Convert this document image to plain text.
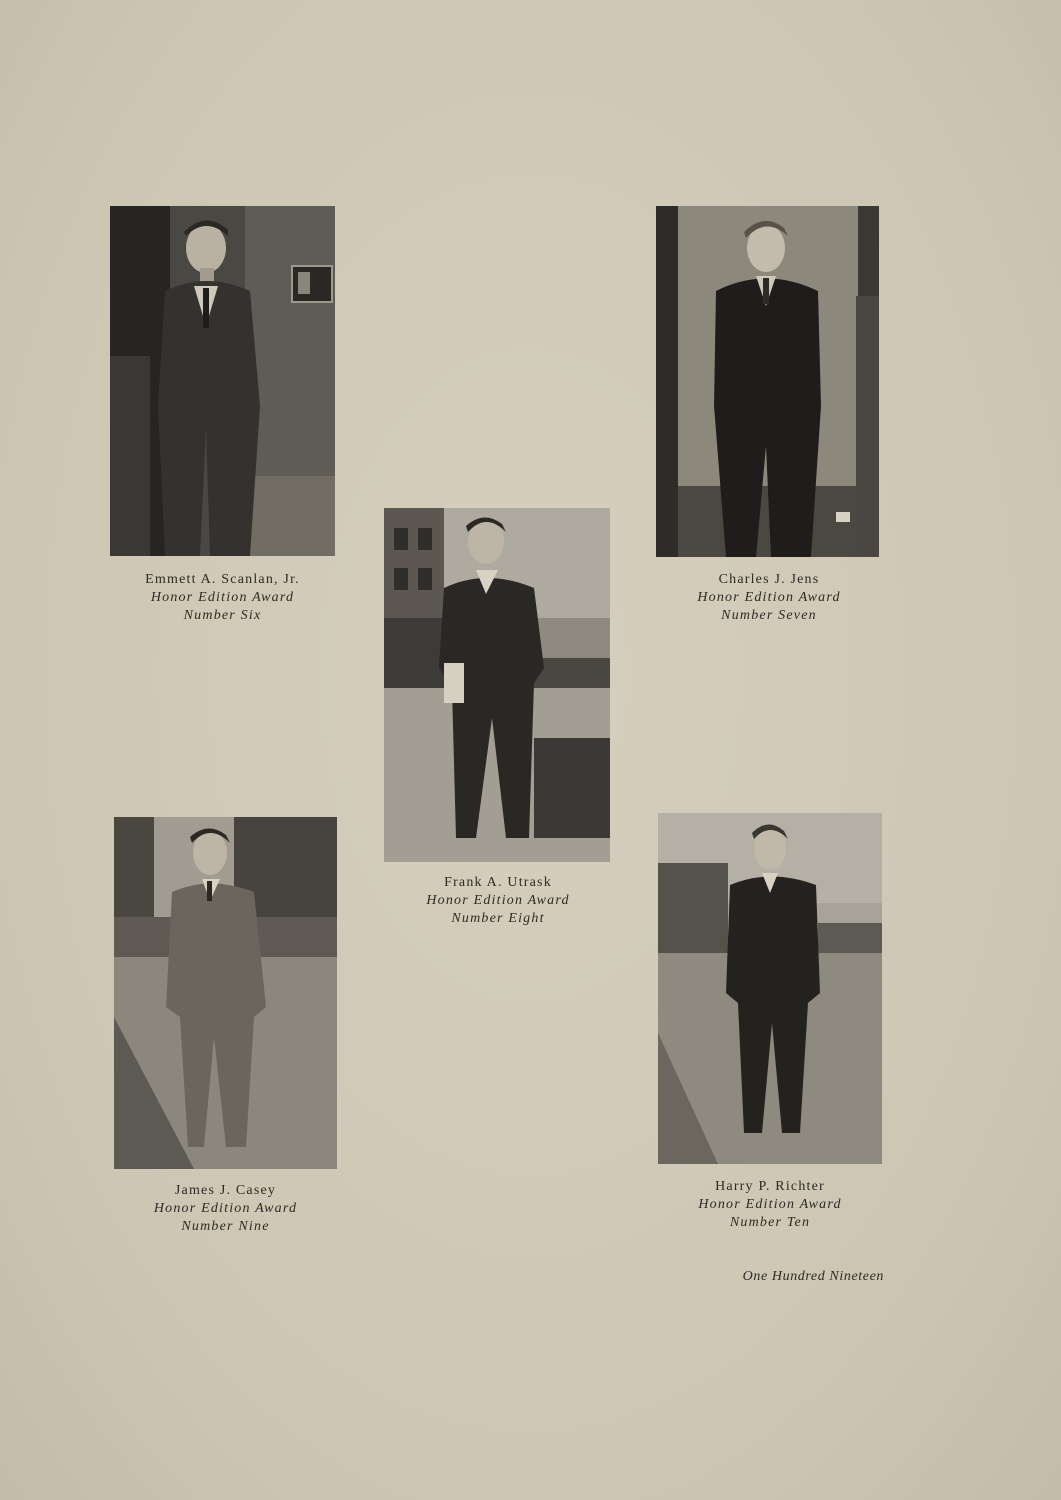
Emmett A. Scanlan, Jr.
Honor Edition Award
Number Six
Charles J. Jens
Honor Edition Award
Number Seven
Frank A. Utrask
Honor Edition Award
Number Eight
James J. Casey
Honor Edition Award
Number Nine
Harry P. Richter
Honor Edition Award
Number Ten
One Hundred Nineteen
